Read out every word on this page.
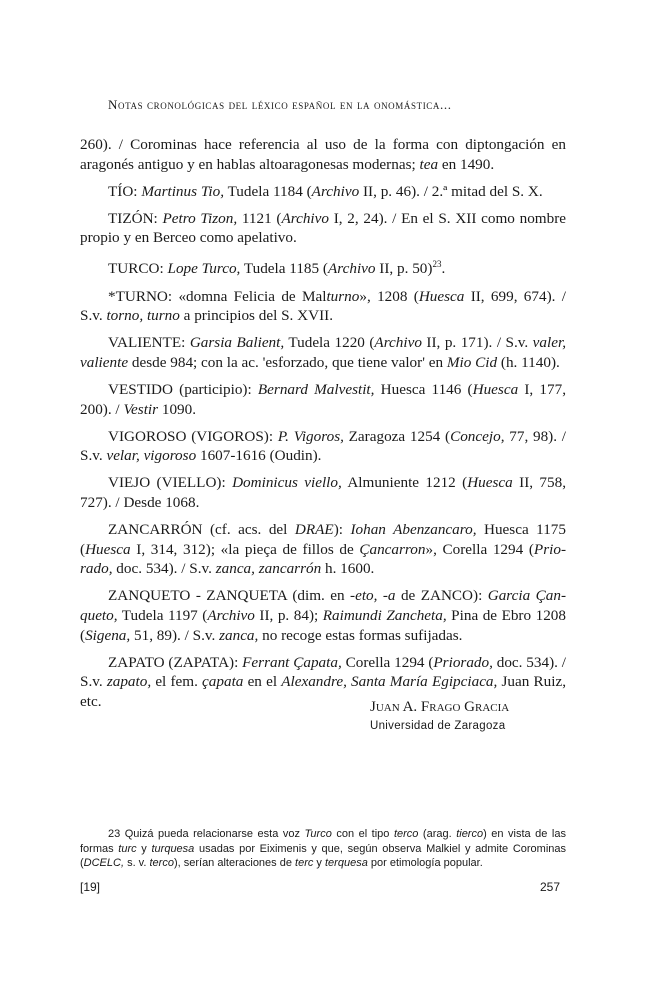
Notas cronológicas del léxico español en la onomástica...

260). / Corominas hace referencia al uso de la forma con diptongación en aragonés antiguo y en hablas altoaragonesas modernas; tea en 1490.

TÍO: Martinus Tio, Tudela 1184 (Archivo II, p. 46). / 2.ª mitad del S. X.

TIZÓN: Petro Tizon, 1121 (Archivo I, 2, 24). / En el S. XII como nombre propio y en Berceo como apelativo.

TURCO: Lope Turco, Tudela 1185 (Archivo II, p. 50)$^{23}$.

*TURNO: «domna Felicia de Malturno», 1208 (Huesca II, 699, 674). / S.v. torno, turno a principios del S. XVII.

VALIENTE: Garsia Balient, Tudela 1220 (Archivo II, p. 171). / S.v. valer, valiente desde 984; con la ac. 'esforzado, que tiene valor' en Mio Cid (h. 1140).

VESTIDO (participio): Bernard Malvestit, Huesca 1146 (Huesca I, 177, 200). / Vestir 1090.

VIGOROSO (VIGOROS): P. Vigoros, Zaragoza 1254 (Concejo, 77, 98). / S.v. velar, vigoroso 1607-1616 (Oudin).

VIEJO (VIELLO): Dominicus viello, Almuniente 1212 (Huesca II, 758, 727). / Desde 1068.

ZANCARRÓN (cf. acs. del DRAE): Iohan Abenzancaro, Huesca 1175 (Huesca I, 314, 312); «la pieça de fillos de Çancarron», Corella 1294 (Priorado, doc. 534). / S.v. zanca, zancarrón h. 1600.

ZANQUETO - ZANQUETA (dim. en -eto, -a de ZANCO): Garcia Çanqueto, Tudela 1197 (Archivo II, p. 84); Raimundi Zancheta, Pina de Ebro 1208 (Sigena, 51, 89). / S.v. zanca, no recoge estas formas sufijadas.

ZAPATO (ZAPATA): Ferrant Çapata, Corella 1294 (Priorado, doc. 534). / S.v. zapato, el fem. çapata en el Alexandre, Santa María Egipciaca, Juan Ruiz, etc.	Juan A. Frago Gracia
Universidad de Zaragoza

23 Quizá pueda relacionarse esta voz Turco con el tipo terco (arag. tierco) en vista de las formas turc y turquesa usadas por Eiximenis y que, según observa Malkiel y admite Corominas (DCELC, s. v. terco), serían alteraciones de terc y terquesa por etimología popular.

[19]	257
